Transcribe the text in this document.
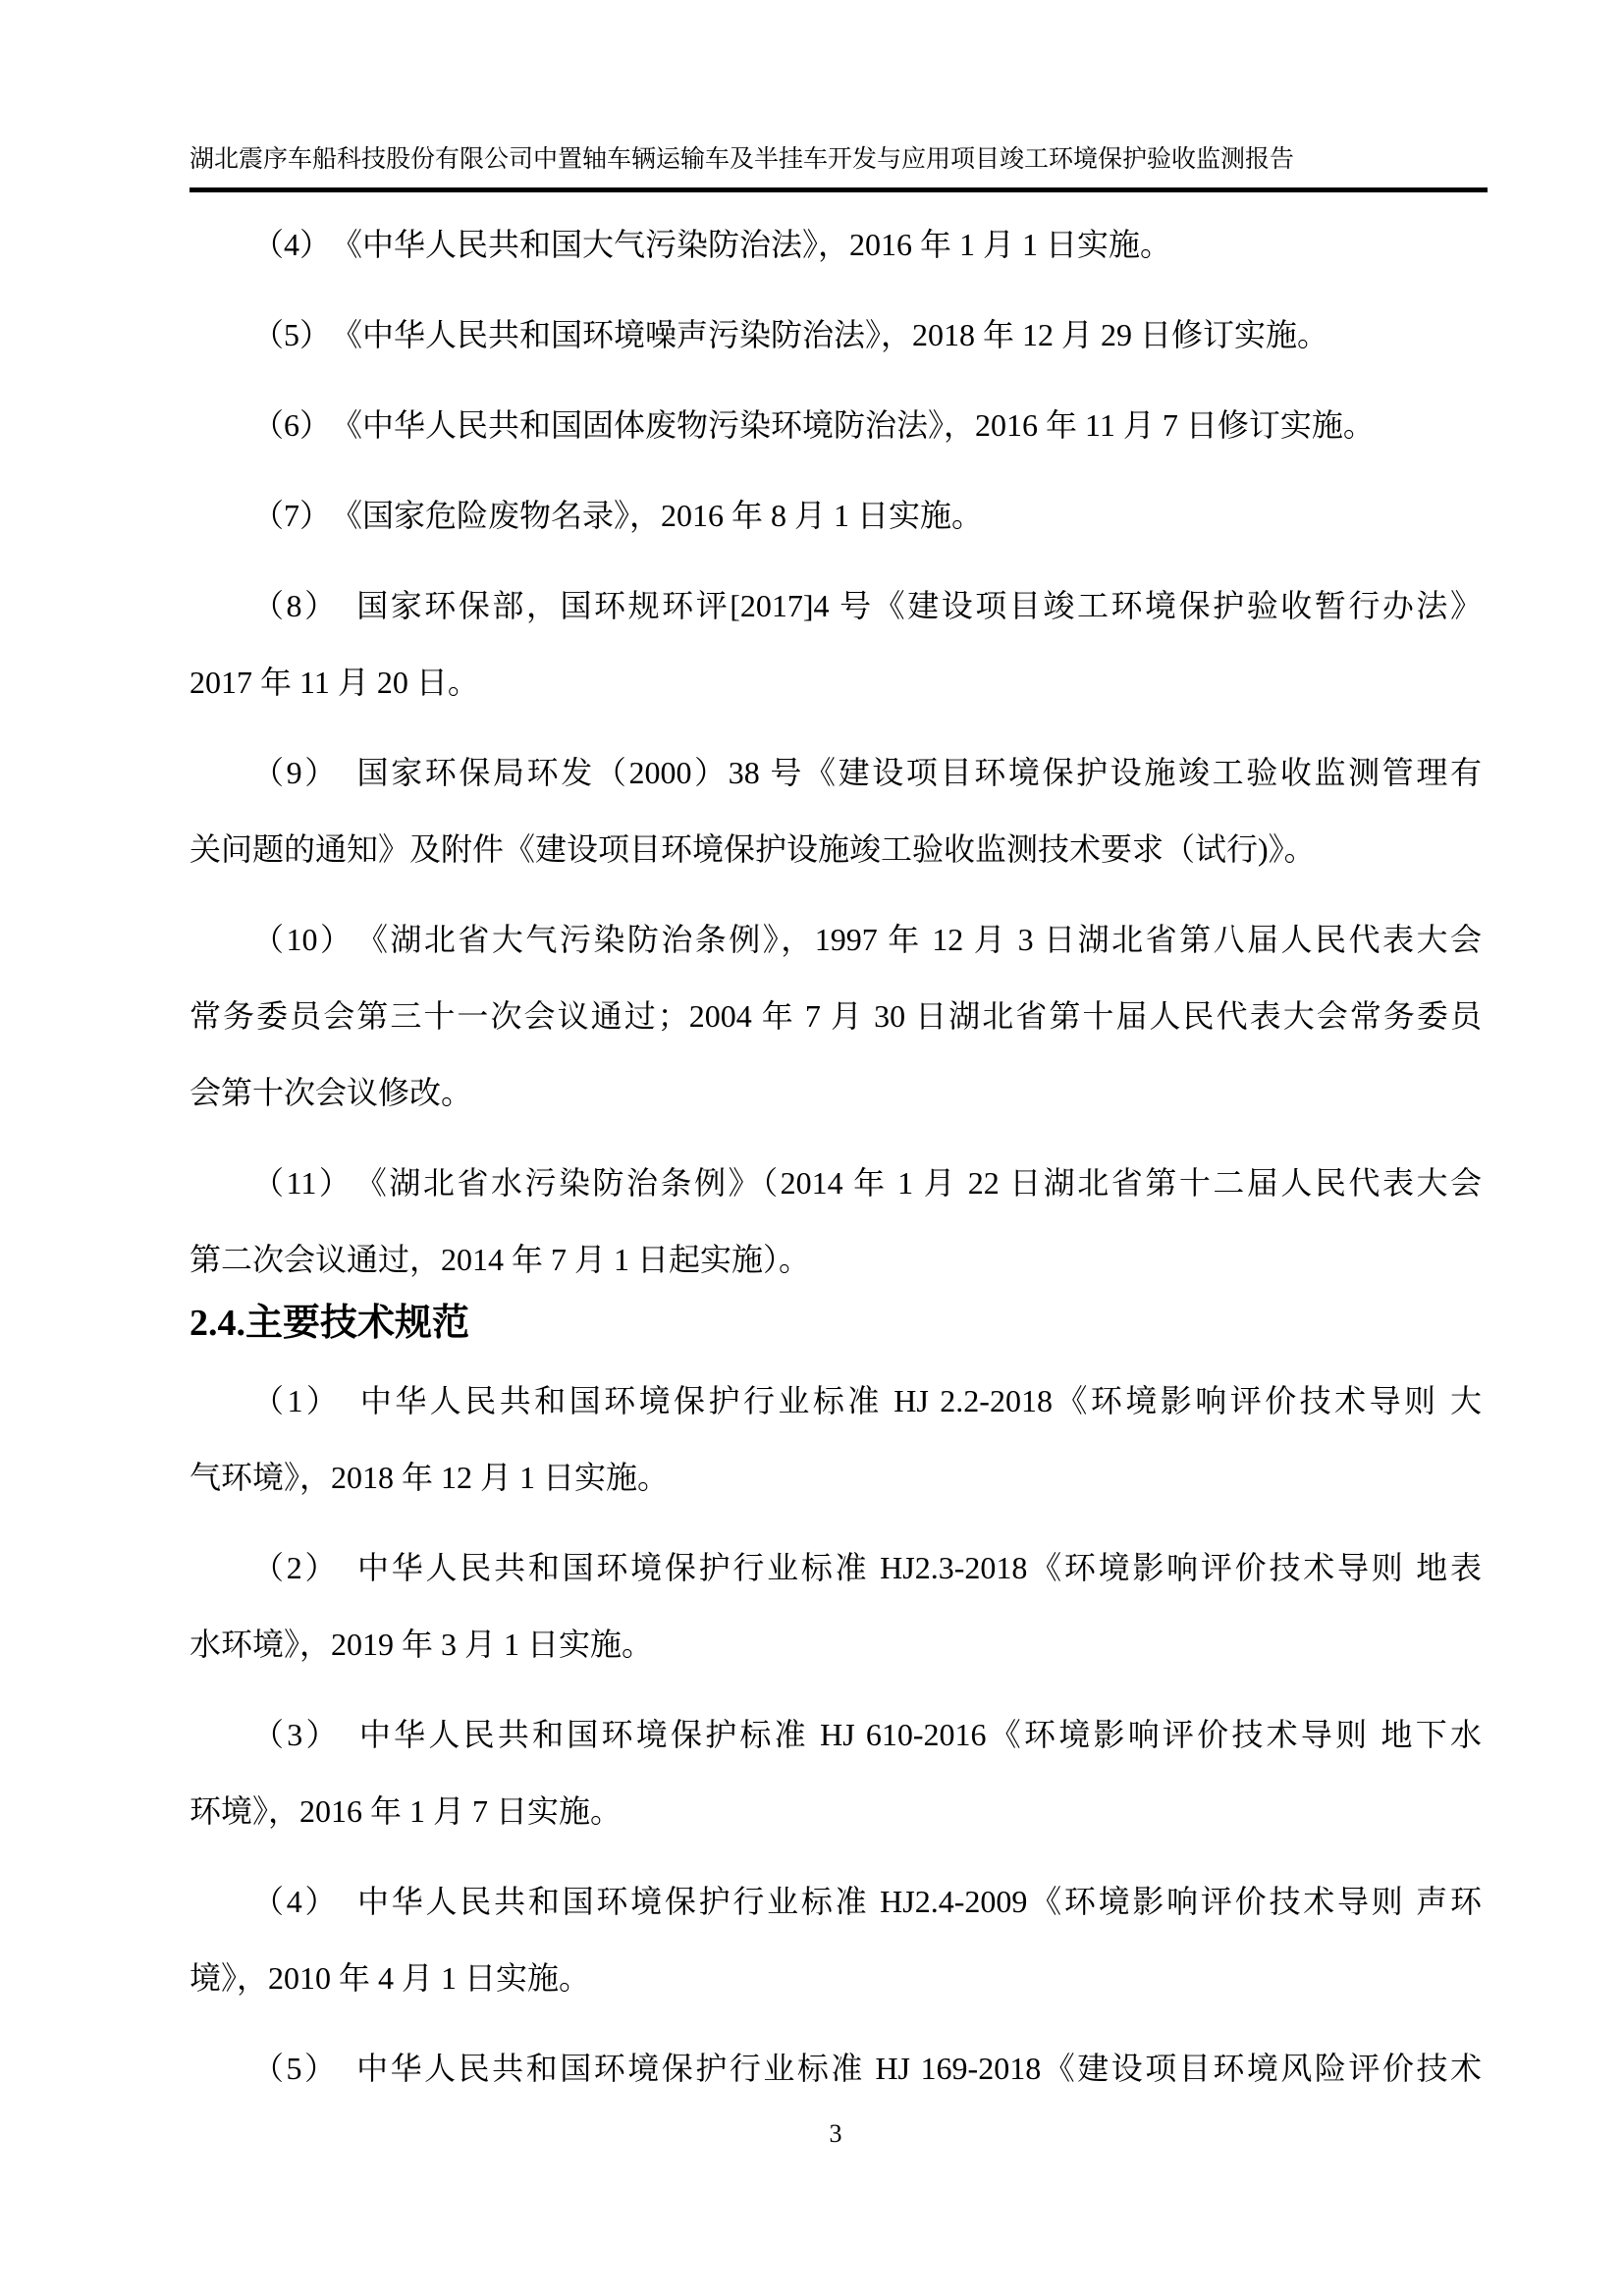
湖北震序车船科技股份有限公司中置轴车辆运输车及半挂车开发与应用项目竣工环境保护验收监测报告
（4）　《中华人民共和国大气污染防治法》，2016 年 1 月 1 日实施。
（5）　《中华人民共和国环境噪声污染防治法》，2018 年 12 月 29 日修订实施。
（6）　《中华人民共和国固体废物污染环境防治法》，2016 年 11 月 7 日修订实施。
（7）　《国家危险废物名录》，2016 年 8 月 1 日实施。
（8）　国家环保部，国环规环评[2017]4 号《建设项目竣工环境保护验收暂行办法》
2017 年 11 月 20 日。
（9）　国家环保局环发（2000）38 号《建设项目环境保护设施竣工验收监测管理有
关问题的通知》及附件《建设项目环境保护设施竣工验收监测技术要求（试行)》。
（10）　《湖北省大气污染防治条例》，1997 年 12 月 3 日湖北省第八届人民代表大会
常务委员会第三十一次会议通过；2004 年 7 月 30 日湖北省第十届人民代表大会常务委员
会第十次会议修改。
（11）　《湖北省水污染防治条例》（2014 年 1 月 22 日湖北省第十二届人民代表大会
第二次会议通过，2014 年 7 月 1 日起实施）。
2.4.主要技术规范
（1）　中华人民共和国环境保护行业标准 HJ 2.2-2018《环境影响评价技术导则 大
气环境》，2018 年 12 月 1 日实施。
（2）　中华人民共和国环境保护行业标准 HJ2.3-2018《环境影响评价技术导则 地表
水环境》，2019 年 3 月 1 日实施。
（3）　中华人民共和国环境保护标准 HJ 610-2016《环境影响评价技术导则 地下水
环境》，2016 年 1 月 7 日实施。
（4）　中华人民共和国环境保护行业标准 HJ2.4-2009《环境影响评价技术导则 声环
境》，2010 年 4 月 1 日实施。
（5）　中华人民共和国环境保护行业标准 HJ 169-2018《建设项目环境风险评价技术
3
